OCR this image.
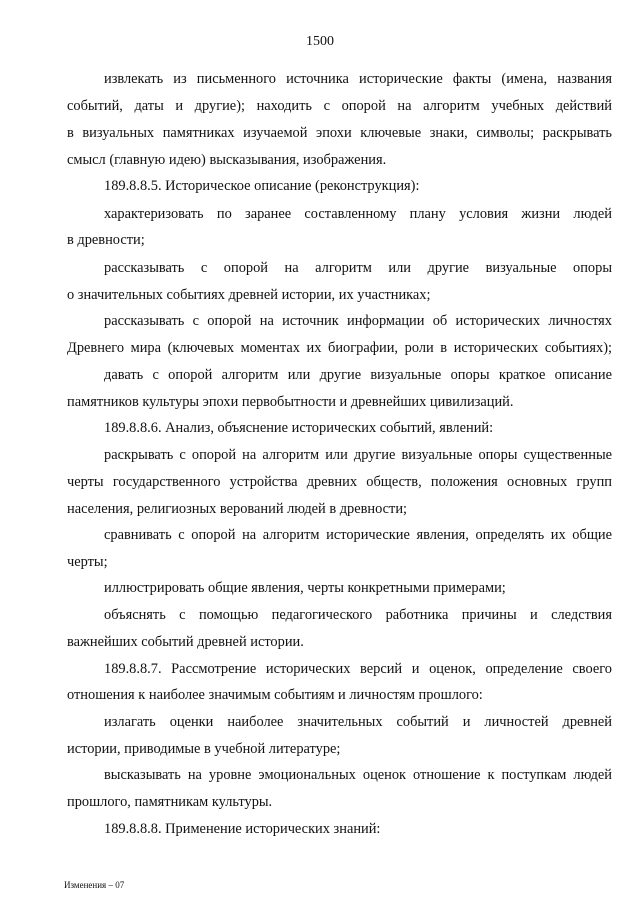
1500
извлекать из письменного источника исторические факты (имена, названия
событий, даты и другие); находить с опорой на алгоритм учебных действий
в визуальных памятниках изучаемой эпохи ключевые знаки, символы; раскрывать
смысл (главную идею) высказывания, изображения.
189.8.8.5. Историческое описание (реконструкция):
характеризовать по заранее составленному плану условия жизни людей
в древности;
рассказывать с опорой на алгоритм или другие визуальные опоры
о значительных событиях древней истории, их участниках;
рассказывать с опорой на источник информации об исторических личностях
Древнего мира (ключевых моментах их биографии, роли в исторических событиях);
давать с опорой алгоритм или другие визуальные опоры краткое описание
памятников культуры эпохи первобытности и древнейших цивилизаций.
189.8.8.6. Анализ, объяснение исторических событий, явлений:
раскрывать с опорой на алгоритм или другие визуальные опоры существенные
черты государственного устройства древних обществ, положения основных групп
населения, религиозных верований людей в древности;
сравнивать с опорой на алгоритм исторические явления, определять их общие
черты;
иллюстрировать общие явления, черты конкретными примерами;
объяснять с помощью педагогического работника причины и следствия
важнейших событий древней истории.
189.8.8.7. Рассмотрение исторических версий и оценок, определение своего
отношения к наиболее значимым событиям и личностям прошлого:
излагать оценки наиболее значительных событий и личностей древней
истории, приводимые в учебной литературе;
высказывать на уровне эмоциональных оценок отношение к поступкам людей
прошлого, памятникам культуры.
189.8.8.8. Применение исторических знаний:
Изменения – 07
